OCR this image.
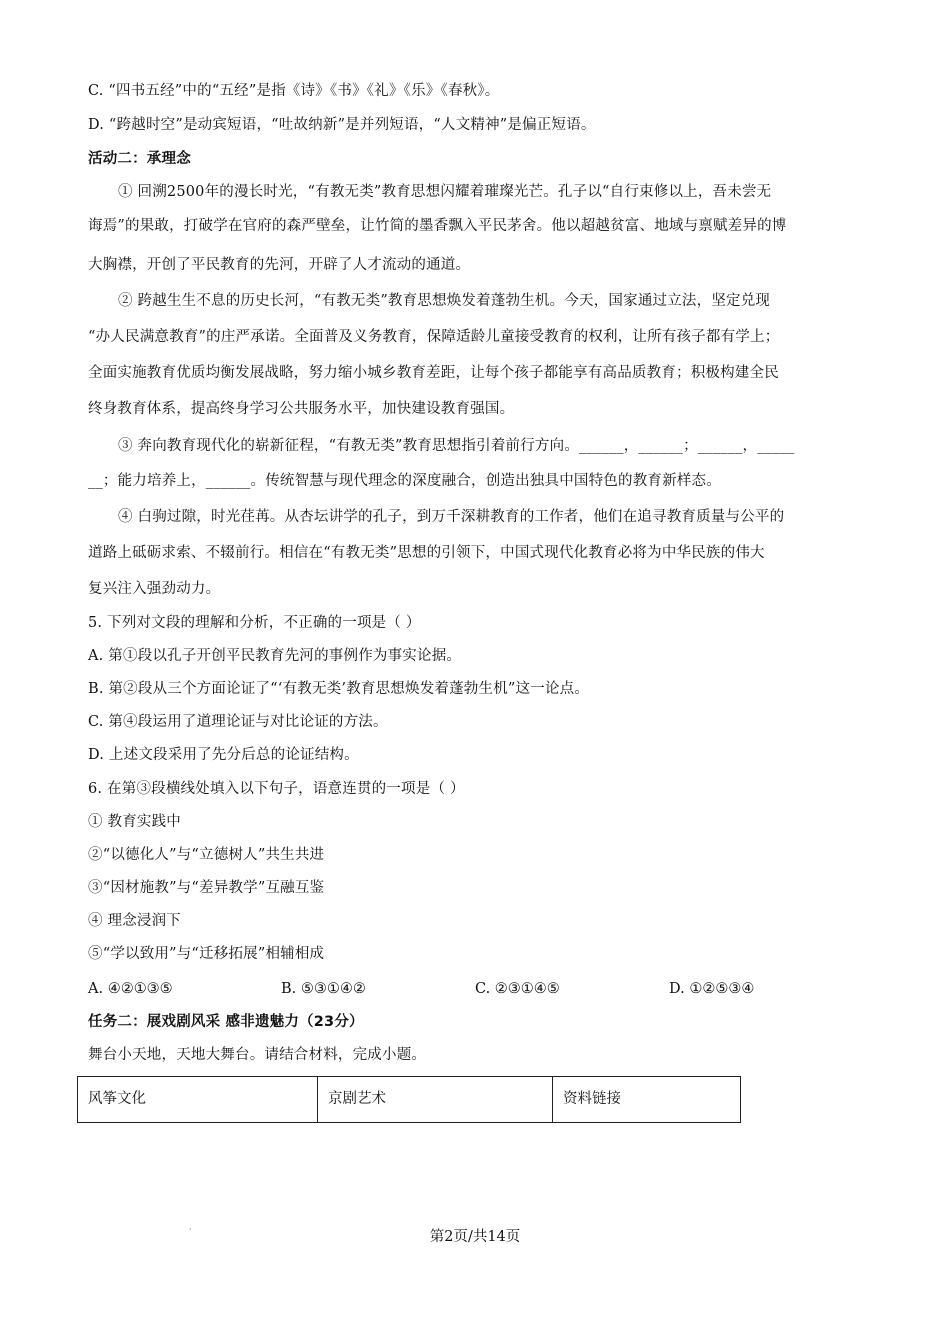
C. “四书五经”中的“五经”是指《诗》《书》《礼》《乐》《春秋》。
D. “跨越时空”是动宾短语，“吐故纳新”是并列短语，“人文精神”是偏正短语。
活动二：承理念
① 回溯2500年的漫长时光，“有教无类”教育思想闪耀着璀璨光芒。孔子以“自行束修以上，吾未尝无
诲焉”的果敢，打破学在官府的森严壁垒，让竹简的墨香飘入平民茅舍。他以超越贫富、地域与禀赋差异的博
大胸襟，开创了平民教育的先河，开辟了人才流动的通道。
② 跨越生生不息的历史长河，“有教无类”教育思想焕发着蓬勃生机。今天，国家通过立法，坚定兑现
“办人民满意教育”的庄严承诺。全面普及义务教育，保障适龄儿童接受教育的权利，让所有孩子都有学上；
全面实施教育优质均衡发展战略，努力缩小城乡教育差距，让每个孩子都能享有高品质教育；积极构建全民
终身教育体系，提高终身学习公共服务水平，加快建设教育强国。
③ 奔向教育现代化的崭新征程，“有教无类”教育思想指引着前行方向。______，______；______，_____
__；能力培养上，______。传统智慧与现代理念的深度融合，创造出独具中国特色的教育新样态。
④ 白驹过隙，时光荏苒。从杏坛讲学的孔子，到万千深耕教育的工作者，他们在追寻教育质量与公平的
道路上砥砺求索、不辍前行。相信在“有教无类”思想的引领下，中国式现代化教育必将为中华民族的伟大
复兴注入强劲动力。
5. 下列对文段的理解和分析，不正确的一项是（ ）
A. 第①段以孔子开创平民教育先河的事例作为事实论据。
B. 第②段从三个方面论证了“‘有教无类’教育思想焕发着蓬勃生机”这一论点。
C. 第④段运用了道理论证与对比论证的方法。
D. 上述文段采用了先分后总的论证结构。
6. 在第③段横线处填入以下句子，语意连贯的一项是（ ）
① 教育实践中
②“以德化人”与“立德树人”共生共进
③“因材施教”与“差异教学”互融互鉴
④ 理念浸润下
⑤“学以致用”与“迁移拓展”相辅相成
A. ④②①③⑤	B. ⑤③①④②	C. ②③①④⑤	D. ①②⑤③④
任务二：展戏剧风采 感非遗魅力（23分）
舞台小天地，天地大舞台。请结合材料，完成小题。
风筝文化	京剧艺术	资料链接
·	第2页/共14页
